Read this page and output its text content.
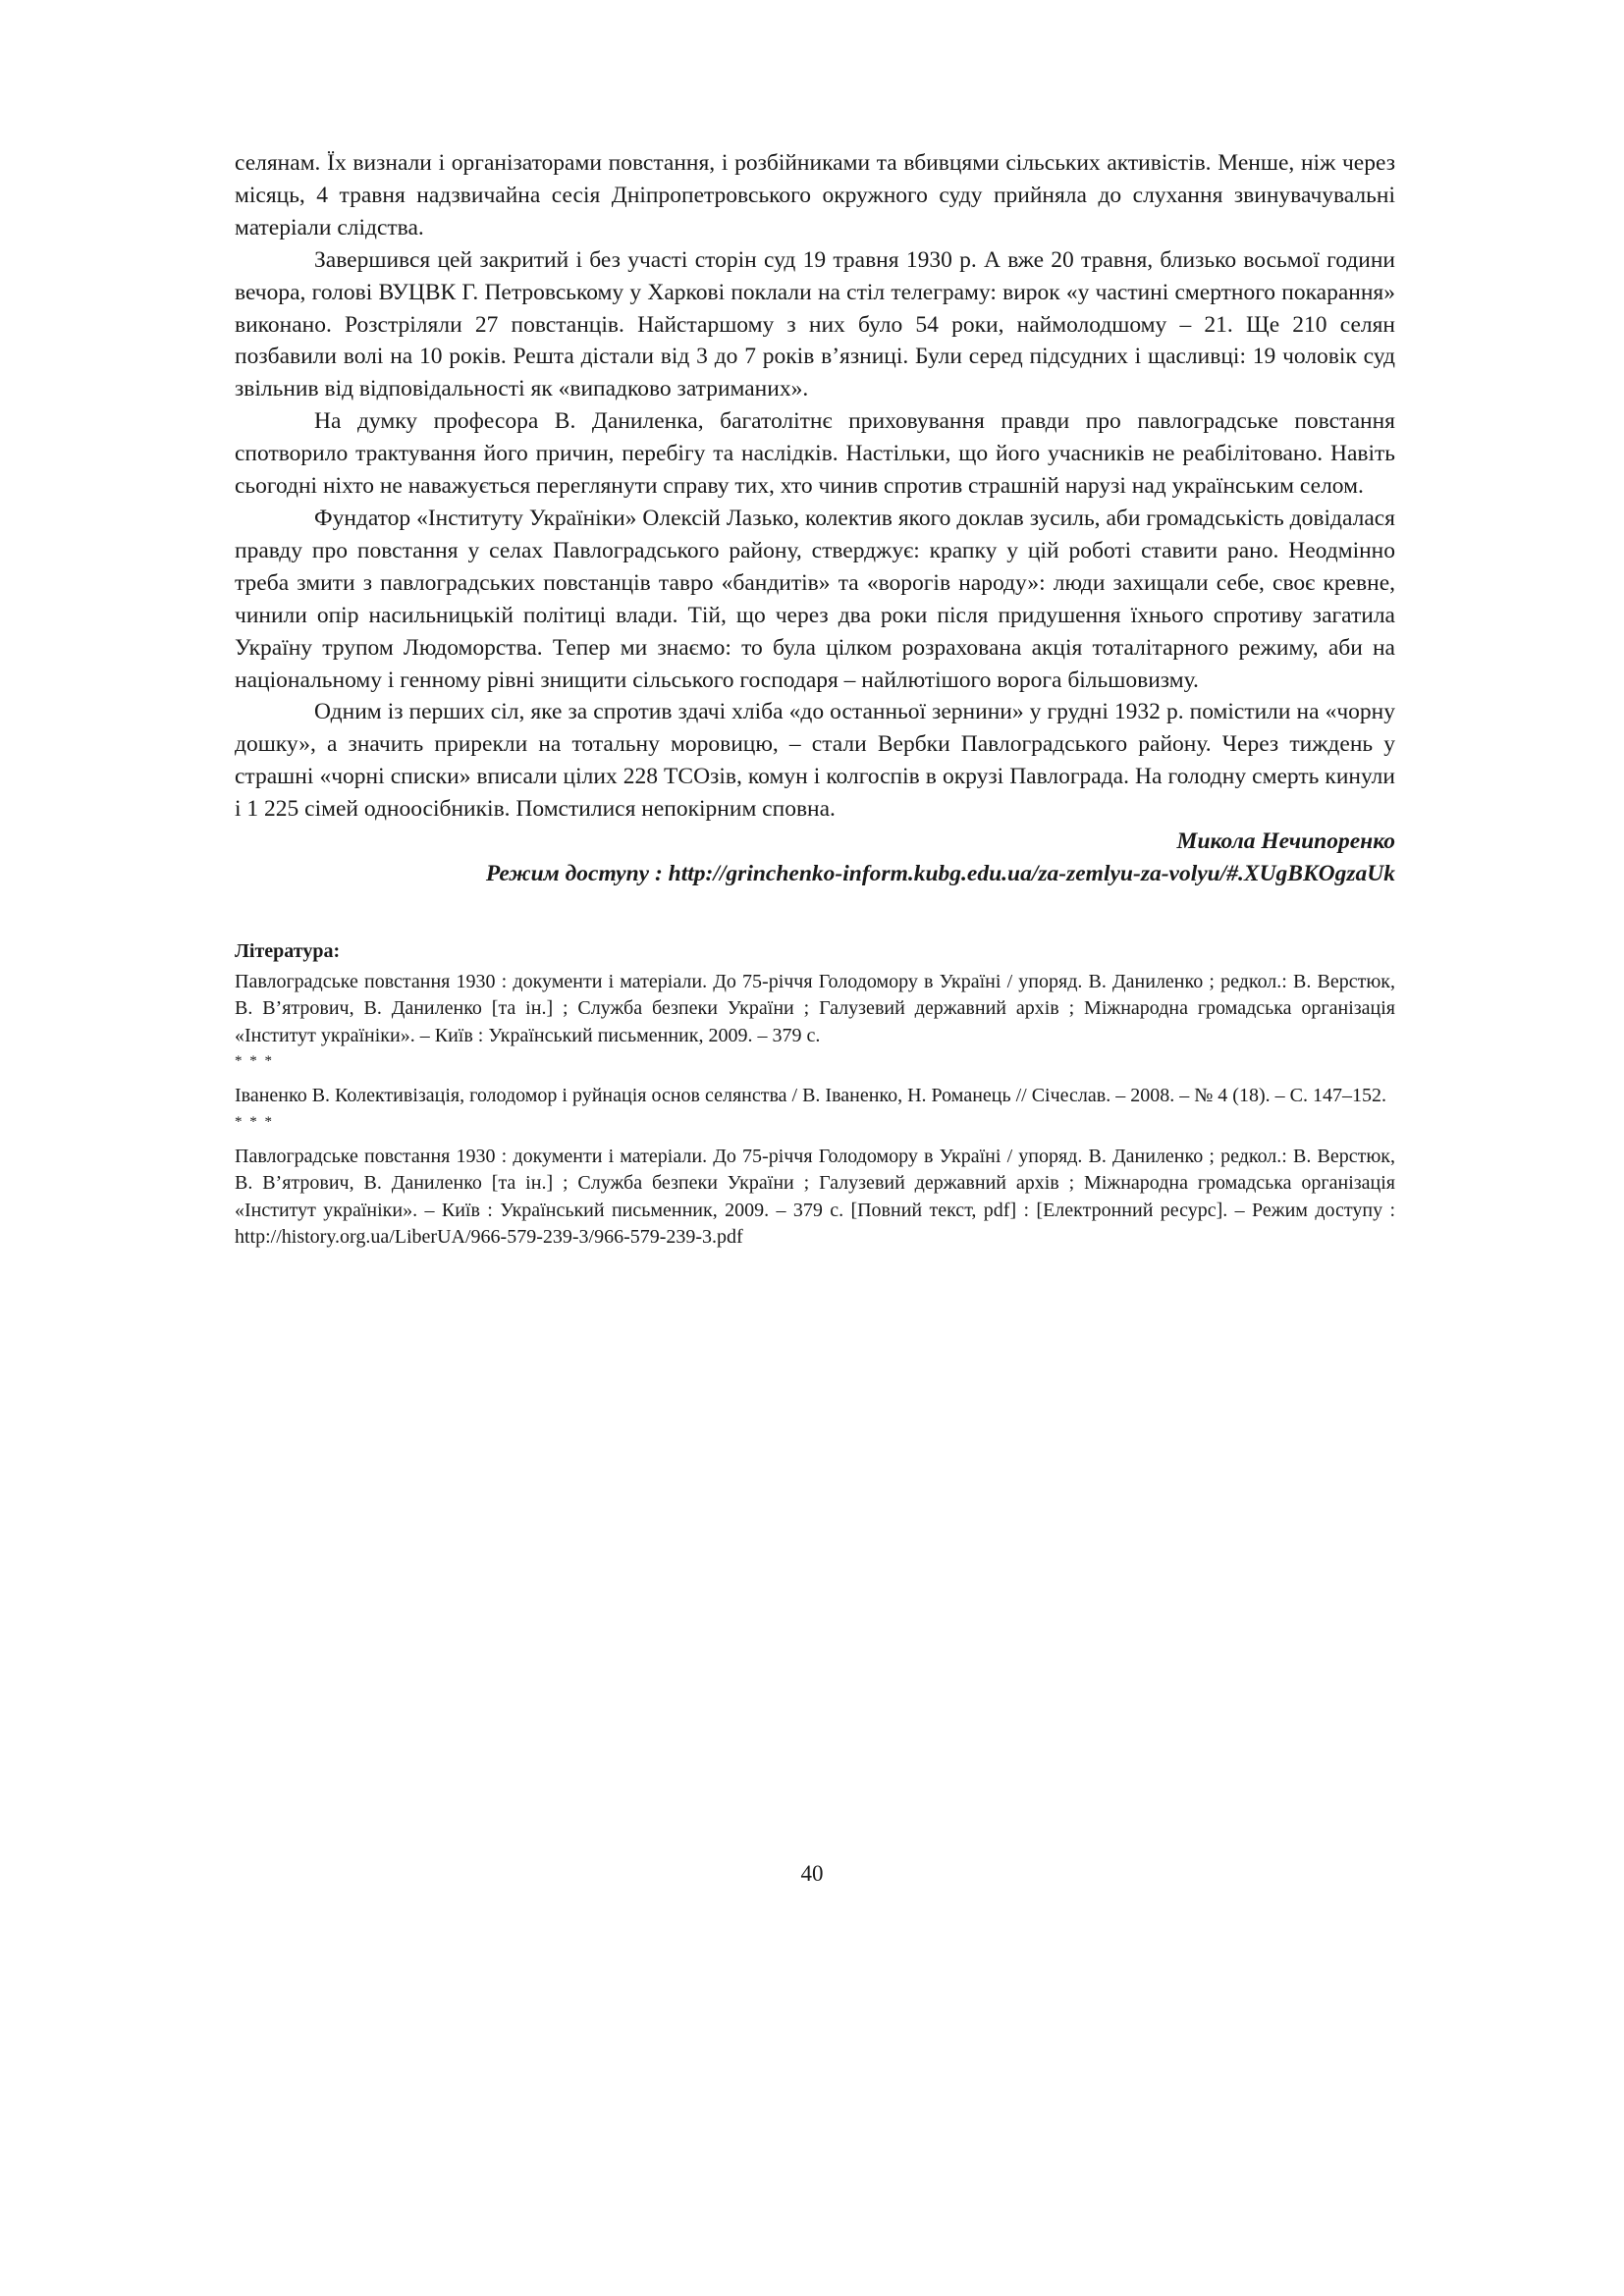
селянам. Їх визнали і організаторами повстання, і розбійниками та вбивцями сільських активістів. Менше, ніж через місяць, 4 травня надзвичайна сесія Дніпропетровського окружного суду прийняла до слухання звинувачувальні матеріали слідства.

Завершився цей закритий і без участі сторін суд 19 травня 1930 р. А вже 20 травня, близько восьмої години вечора, голові ВУЦВК Г. Петровському у Харкові поклали на стіл телеграму: вирок «у частині смертного покарання» виконано. Розстріляли 27 повстанців. Найстаршому з них було 54 роки, наймолодшому – 21. Ще 210 селян позбавили волі на 10 років. Решта дістали від 3 до 7 років в’язниці. Були серед підсудних і щасливці: 19 чоловік суд звільнив від відповідальності як «випадково затриманих».

На думку професора В. Даниленка, багатолітнє приховування правди про павлоградське повстання спотворило трактування його причин, перебігу та наслідків. Настільки, що його учасників не реабілітовано. Навіть сьогодні ніхто не наважується переглянути справу тих, хто чинив спротив страшній нарузі над українським селом.

Фундатор «Інституту Україніки» Олексій Лазько, колектив якого доклав зусиль, аби громадськість довідалася правду про повстання у селах Павлоградського району, стверджує: крапку у цій роботі ставити рано. Неодмінно треба змити з павлоградських повстанців тавро «бандитів» та «ворогів народу»: люди захищали себе, своє кревне, чинили опір насильницькій політиці влади. Тій, що через два роки після придушення їхнього спротиву загатила Україну трупом Людоморства. Тепер ми знаємо: то була цілком розрахована акція тоталітарного режиму, аби на національному і генному рівні знищити сільського господаря – найлютішого ворога більшовизму.

Одним із перших сіл, яке за спротив здачі хліба «до останньої зернини» у грудні 1932 р. помістили на «чорну дошку», а значить прирекли на тотальну моровицю, – стали Вербки Павлоградського району. Через тиждень у страшні «чорні списки» вписали цілих 228 ТСОзів, комун і колгоспів в окрузі Павлограда. На голодну смерть кинули і 1 225 сімей одноосібників. Помстилися непокірним сповна.

Микола Нечипоренко

Режим доступу : http://grinchenko-inform.kubg.edu.ua/za-zemlyu-za-volyu/#.XUgBKOgzaUk

Література:

Павлоградське повстання 1930 : документи і матеріали. До 75-річчя Голодомору в Україні / упоряд. В. Даниленко ; редкол.: В. Верстюк, В. В’ятрович, В. Даниленко [та ін.] ; Служба безпеки України ; Галузевий державний архів ; Міжнародна громадська організація «Інститут україніки». – Київ : Український письменник, 2009. – 379 с.

* * *

Іваненко В. Колективізація, голодомор і руйнація основ селянства / В. Іваненко, Н. Романець // Січеслав. – 2008. – № 4 (18). – С. 147–152.

* * *

Павлоградське повстання 1930 : документи і матеріали. До 75-річчя Голодомору в Україні / упоряд. В. Даниленко ; редкол.: В. Верстюк, В. В’ятрович, В. Даниленко [та ін.] ; Служба безпеки України ; Галузевий державний архів ; Міжнародна громадська організація «Інститут україніки». – Київ : Український письменник, 2009. – 379 с. [Повний текст, pdf] : [Електронний ресурс]. – Режим доступу : http://history.org.ua/LiberUA/966-579-239-3/966-579-239-3.pdf

40
